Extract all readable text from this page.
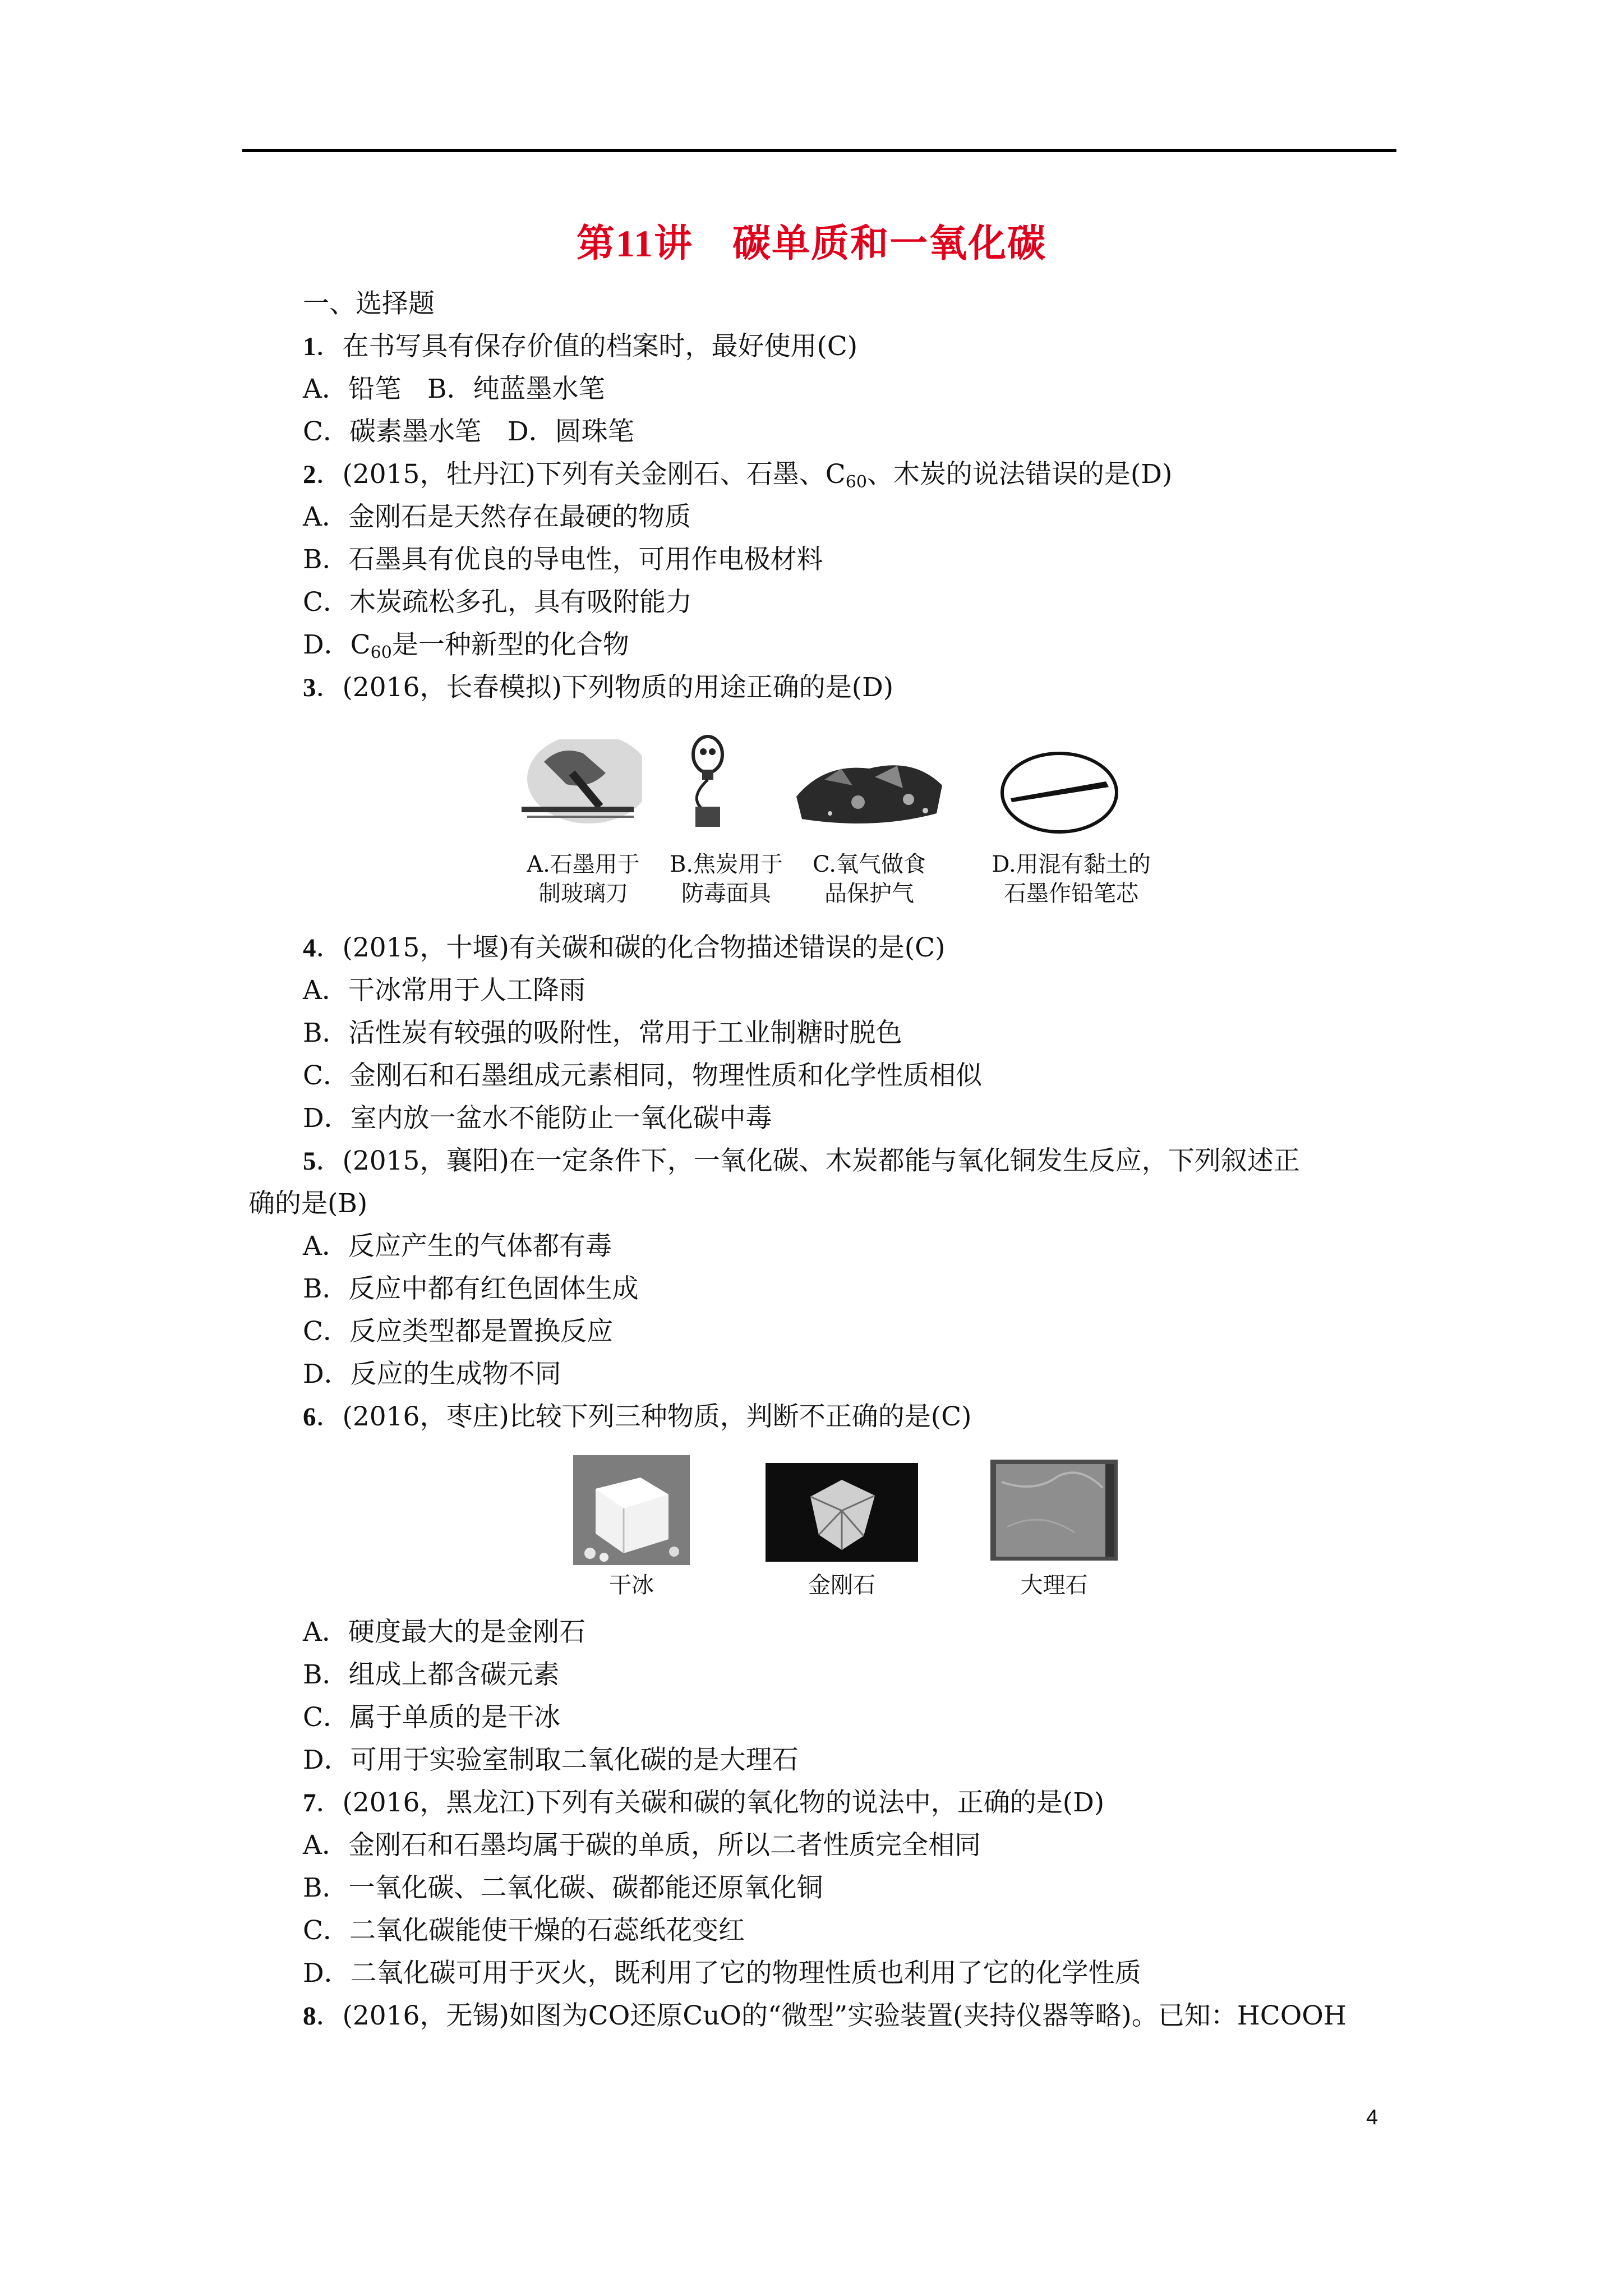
第11讲　碳单质和一氧化碳
一、选择题
1．在书写具有保存价值的档案时，最好使用(C)
A．铅笔　B．纯蓝墨水笔
C．碳素墨水笔　D．圆珠笔
2．(2015，牡丹江)下列有关金刚石、石墨、$C_{60}$、木炭的说法错误的是(D)
A．金刚石是天然存在最硬的物质
B．石墨具有优良的导电性，可用作电极材料
C．木炭疏松多孔，具有吸附能力
D．$C_{60}$是一种新型的化合物
3．(2016，长春模拟)下列物质的用途正确的是(D)
A.石墨用于
制玻璃刀
B.焦炭用于
防毒面具
C.氧气做食
品保护气
D.用混有黏土的
石墨作铅笔芯
4．(2015，十堰)有关碳和碳的化合物描述错误的是(C)
A．干冰常用于人工降雨
B．活性炭有较强的吸附性，常用于工业制糖时脱色
C．金刚石和石墨组成元素相同，物理性质和化学性质相似
D．室内放一盆水不能防止一氧化碳中毒
5．(2015，襄阳)在一定条件下，一氧化碳、木炭都能与氧化铜发生反应，下列叙述正
确的是(B)
A．反应产生的气体都有毒
B．反应中都有红色固体生成
C．反应类型都是置换反应
D．反应的生成物不同
6．(2016，枣庄)比较下列三种物质，判断不正确的是(C)
干冰	金刚石	大理石
A．硬度最大的是金刚石
B．组成上都含碳元素
C．属于单质的是干冰
D．可用于实验室制取二氧化碳的是大理石
7．(2016，黑龙江)下列有关碳和碳的氧化物的说法中，正确的是(D)
A．金刚石和石墨均属于碳的单质，所以二者性质完全相同
B．一氧化碳、二氧化碳、碳都能还原氧化铜
C．二氧化碳能使干燥的石蕊纸花变红
D．二氧化碳可用于灭火，既利用了它的物理性质也利用了它的化学性质
8．(2016，无锡)如图为CO还原CuO的“微型”实验装置(夹持仪器等略)。已知：HCOOH
4
